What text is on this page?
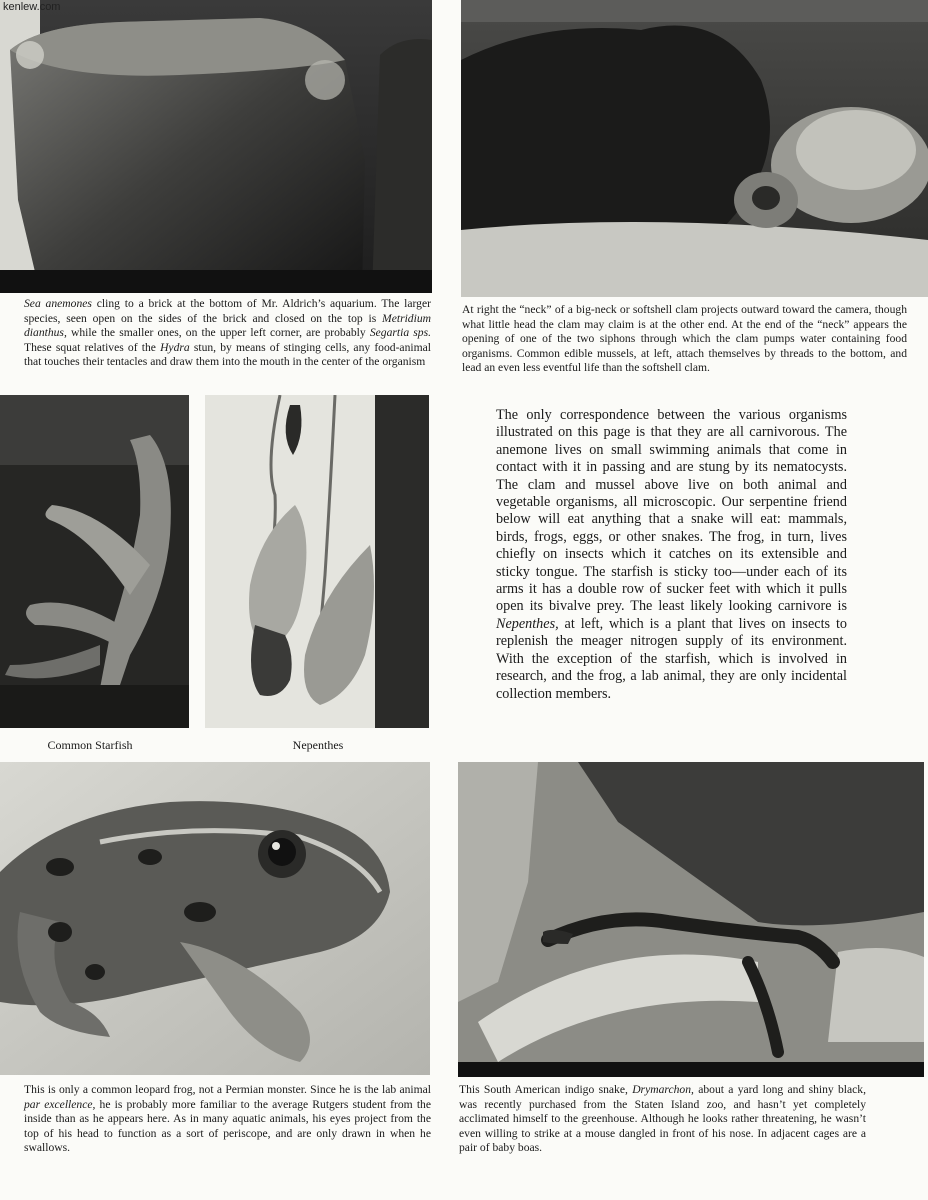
kenlew.com
Sea anemones cling to a brick at the bottom of Mr. Aldrich’s aquarium. The larger species, seen open on the sides of the brick and closed on the top is Metridium dianthus, while the smaller ones, on the upper left corner, are probably Segartia sps. These squat relatives of the Hydra stun, by means of stinging cells, any food-animal that touches their tentacles and draw them into the mouth in the center of the organism
At right the “neck” of a big-neck or softshell clam projects outward toward the camera, though what little head the clam may claim is at the other end. At the end of the “neck” appears the opening of one of the two siphons through which the clam pumps water containing food organisms. Common edible mussels, at left, attach themselves by threads to the bottom, and lead an even less eventful life than the softshell clam.
Common Starfish	Nepenthes
The only correspondence between the various organisms illustrated on this page is that they are all carnivorous. The anemone lives on small swimming animals that come in contact with it in passing and are stung by its nematocysts. The clam and mussel above live on both animal and vegetable organisms, all microscopic. Our serpentine friend below will eat anything that a snake will eat: mammals, birds, frogs, eggs, or other snakes. The frog, in turn, lives chiefly on insects which it catches on its extensible and sticky tongue. The starfish is sticky too—under each of its arms it has a double row of sucker feet with which it pulls open its bivalve prey. The least likely looking carnivore is Nepenthes, at left, which is a plant that lives on insects to replenish the meager nitrogen supply of its environment. With the exception of the starfish, which is involved in research, and the frog, a lab animal, they are only incidental collection members.
This is only a common leopard frog, not a Permian monster. Since he is the lab animal par excellence, he is probably more familiar to the average Rutgers student from the inside than as he appears here. As in many aquatic animals, his eyes project from the top of his head to function as a sort of periscope, and are only drawn in when he swallows.
This South American indigo snake, Drymarchon, about a yard long and shiny black, was recently purchased from the Staten Island zoo, and hasn’t yet completely acclimated himself to the greenhouse. Although he looks rather threatening, he wasn’t even willing to strike at a mouse dangled in front of his nose. In adjacent cages are a pair of baby boas.
